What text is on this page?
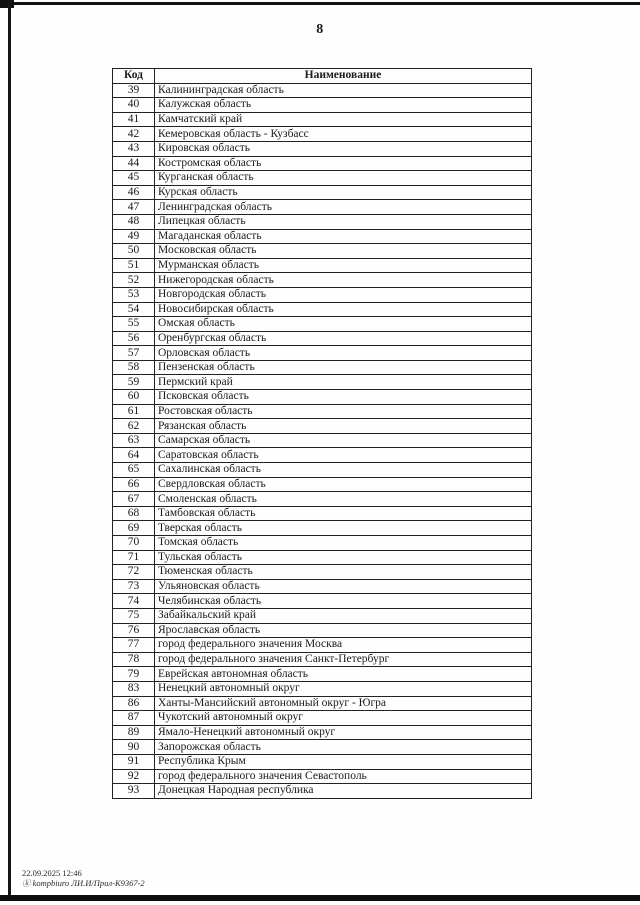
8
Код	Наименование
39	Калининградская область
40	Калужская область
41	Камчатский край
42	Кемеровская область - Кузбасс
43	Кировская область
44	Костромская область
45	Курганская область
46	Курская область
47	Ленинградская область
48	Липецкая область
49	Магаданская область
50	Московская область
51	Мурманская область
52	Нижегородская область
53	Новгородская область
54	Новосибирская область
55	Омская область
56	Оренбургская область
57	Орловская область
58	Пензенская область
59	Пермский край
60	Псковская область
61	Ростовская область
62	Рязанская область
63	Самарская область
64	Саратовская область
65	Сахалинская область
66	Свердловская область
67	Смоленская область
68	Тамбовская область
69	Тверская область
70	Томская область
71	Тульская область
72	Тюменская область
73	Ульяновская область
74	Челябинская область
75	Забайкальский край
76	Ярославская область
77	город федерального значения Москва
78	город федерального значения Санкт-Петербург
79	Еврейская автономная область
83	Ненецкий автономный округ
86	Ханты-Мансийский автономный округ - Югра
87	Чукотский автономный округ
89	Ямало-Ненецкий автономный округ
90	Запорожская область
91	Республика Крым
92	город федерального значения Севастополь
93	Донецкая Народная республика
22.09.2025 12:46
ⓚ kompbiuro ЛИ.И/Прил-К9367-2
